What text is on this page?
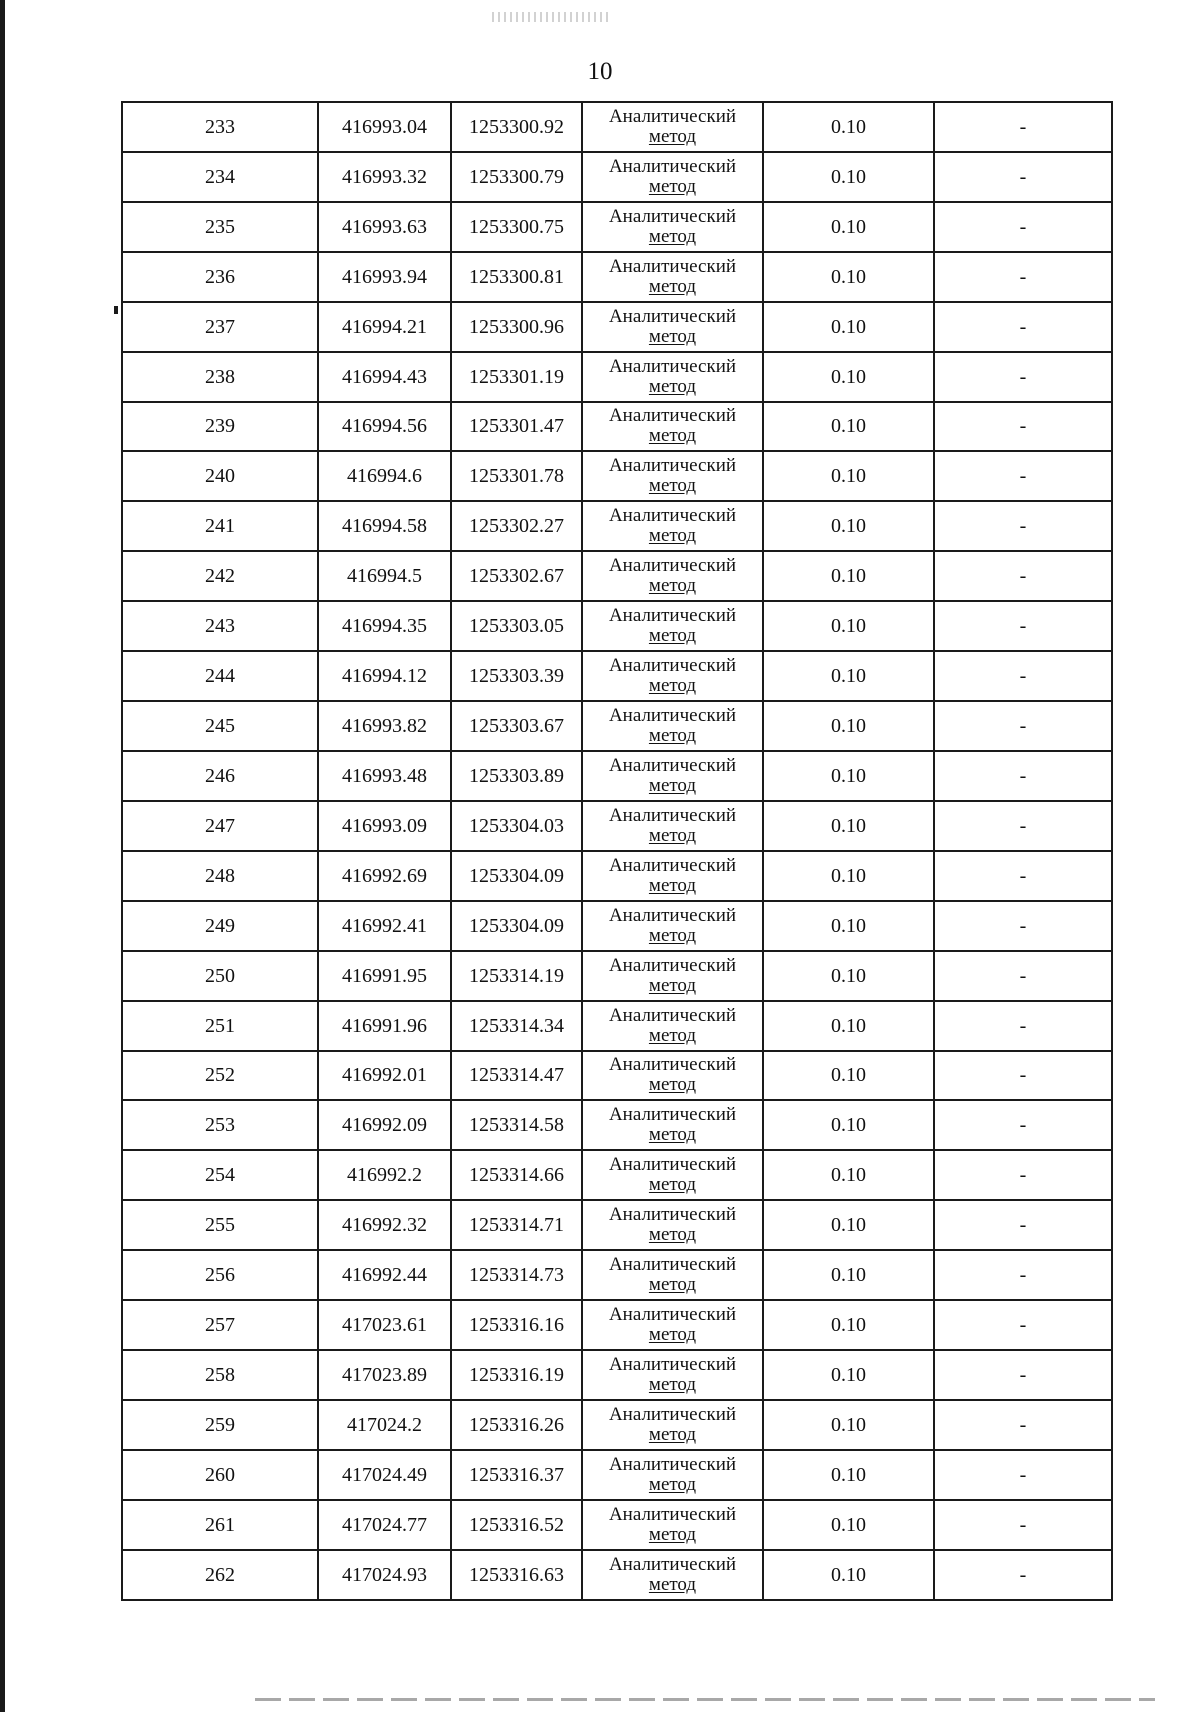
10
233	416993.04	1253300.92	Аналитический
метод	0.10	-
234	416993.32	1253300.79	Аналитический
метод	0.10	-
235	416993.63	1253300.75	Аналитический
метод	0.10	-
236	416993.94	1253300.81	Аналитический
метод	0.10	-
237	416994.21	1253300.96	Аналитический
метод	0.10	-
238	416994.43	1253301.19	Аналитический
метод	0.10	-
239	416994.56	1253301.47	Аналитический
метод	0.10	-
240	416994.6	1253301.78	Аналитический
метод	0.10	-
241	416994.58	1253302.27	Аналитический
метод	0.10	-
242	416994.5	1253302.67	Аналитический
метод	0.10	-
243	416994.35	1253303.05	Аналитический
метод	0.10	-
244	416994.12	1253303.39	Аналитический
метод	0.10	-
245	416993.82	1253303.67	Аналитический
метод	0.10	-
246	416993.48	1253303.89	Аналитический
метод	0.10	-
247	416993.09	1253304.03	Аналитический
метод	0.10	-
248	416992.69	1253304.09	Аналитический
метод	0.10	-
249	416992.41	1253304.09	Аналитический
метод	0.10	-
250	416991.95	1253314.19	Аналитический
метод	0.10	-
251	416991.96	1253314.34	Аналитический
метод	0.10	-
252	416992.01	1253314.47	Аналитический
метод	0.10	-
253	416992.09	1253314.58	Аналитический
метод	0.10	-
254	416992.2	1253314.66	Аналитический
метод	0.10	-
255	416992.32	1253314.71	Аналитический
метод	0.10	-
256	416992.44	1253314.73	Аналитический
метод	0.10	-
257	417023.61	1253316.16	Аналитический
метод	0.10	-
258	417023.89	1253316.19	Аналитический
метод	0.10	-
259	417024.2	1253316.26	Аналитический
метод	0.10	-
260	417024.49	1253316.37	Аналитический
метод	0.10	-
261	417024.77	1253316.52	Аналитический
метод	0.10	-
262	417024.93	1253316.63	Аналитический
метод	0.10	-
